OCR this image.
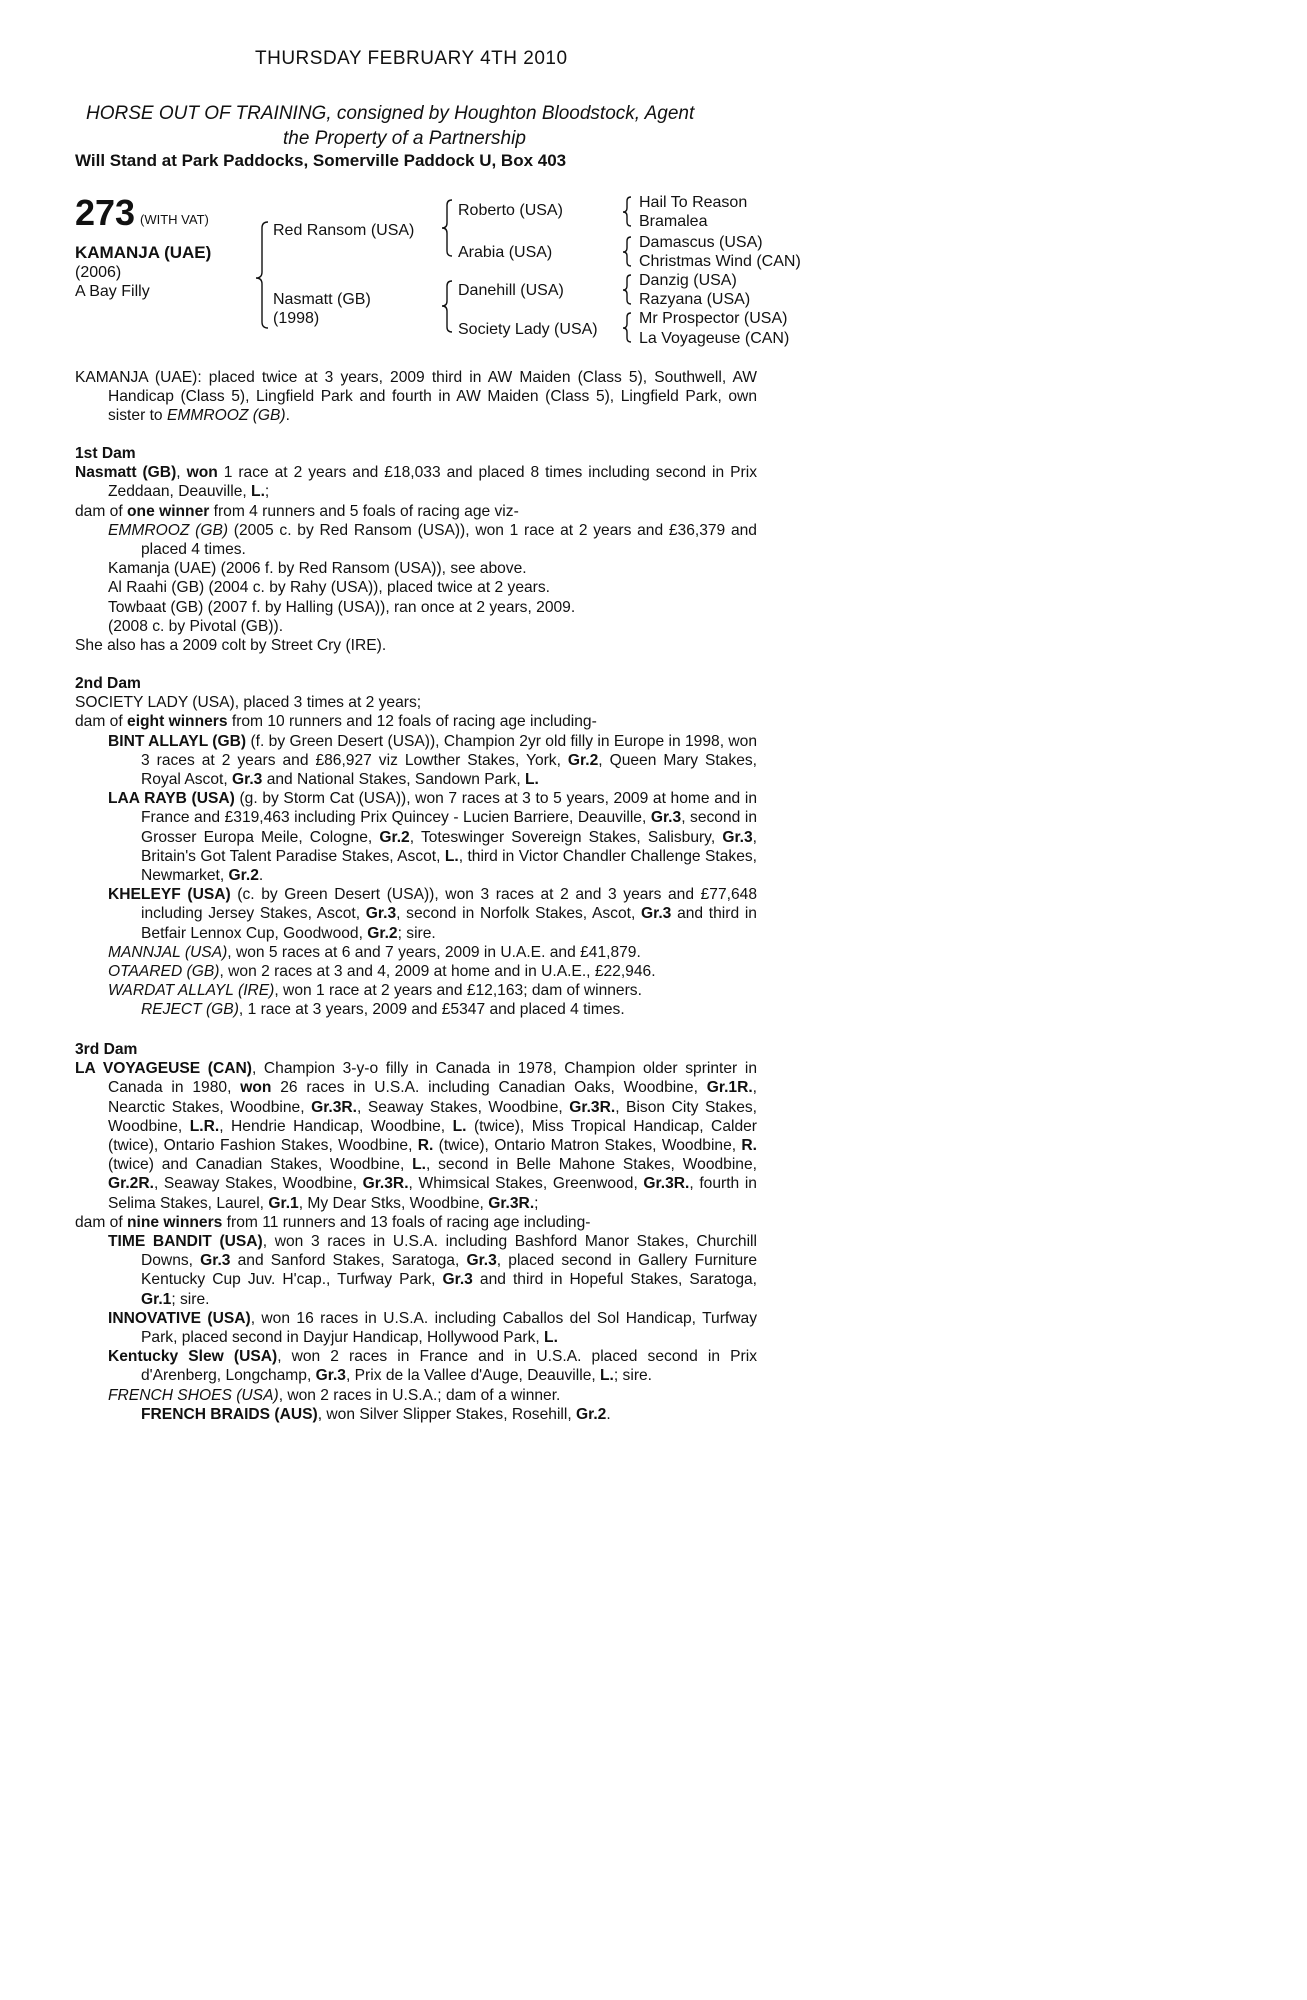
THURSDAY FEBRUARY 4TH 2010
HORSE OUT OF TRAINING, consigned by Houghton Bloodstock, Agent
the Property of a Partnership
Will Stand at Park Paddocks, Somerville Paddock U, Box 403
273 (WITH VAT)
KAMANJA (UAE)
(2006)
A Bay Filly
Red Ransom (USA)
Nasmatt (GB)
(1998)
Roberto (USA)
Arabia (USA)
Danehill (USA)
Society Lady (USA)
Hail To Reason
Bramalea
Damascus (USA)
Christmas Wind (CAN)
Danzig (USA)
Razyana (USA)
Mr Prospector (USA)
La Voyageuse (CAN)

KAMANJA (UAE): placed twice at 3 years, 2009 third in AW Maiden (Class 5), Southwell, AW Handicap (Class 5), Lingfield Park and fourth in AW Maiden (Class 5), Lingfield Park, own sister to EMMROOZ (GB).

1st Dam

Nasmatt (GB), won 1 race at 2 years and £18,033 and placed 8 times including second in Prix Zeddaan, Deauville, L.;

dam of one winner from 4 runners and 5 foals of racing age viz-

EMMROOZ (GB) (2005 c. by Red Ransom (USA)), won 1 race at 2 years and £36,379 and placed 4 times.

Kamanja (UAE) (2006 f. by Red Ransom (USA)), see above.

Al Raahi (GB) (2004 c. by Rahy (USA)), placed twice at 2 years.

Towbaat (GB) (2007 f. by Halling (USA)), ran once at 2 years, 2009.

(2008 c. by Pivotal (GB)).

She also has a 2009 colt by Street Cry (IRE).

2nd Dam

SOCIETY LADY (USA), placed 3 times at 2 years;

dam of eight winners from 10 runners and 12 foals of racing age including-

BINT ALLAYL (GB) (f. by Green Desert (USA)), Champion 2yr old filly in Europe in 1998, won 3 races at 2 years and £86,927 viz Lowther Stakes, York, Gr.2, Queen Mary Stakes, Royal Ascot, Gr.3 and National Stakes, Sandown Park, L.

LAA RAYB (USA) (g. by Storm Cat (USA)), won 7 races at 3 to 5 years, 2009 at home and in France and £319,463 including Prix Quincey - Lucien Barriere, Deauville, Gr.3, second in Grosser Europa Meile, Cologne, Gr.2, Toteswinger Sovereign Stakes, Salisbury, Gr.3, Britain's Got Talent Paradise Stakes, Ascot, L., third in Victor Chandler Challenge Stakes, Newmarket, Gr.2.

KHELEYF (USA) (c. by Green Desert (USA)), won 3 races at 2 and 3 years and £77,648 including Jersey Stakes, Ascot, Gr.3, second in Norfolk Stakes, Ascot, Gr.3 and third in Betfair Lennox Cup, Goodwood, Gr.2; sire.

MANNJAL (USA), won 5 races at 6 and 7 years, 2009 in U.A.E. and £41,879.

OTAARED (GB), won 2 races at 3 and 4, 2009 at home and in U.A.E., £22,946.

WARDAT ALLAYL (IRE), won 1 race at 2 years and £12,163; dam of winners.

REJECT (GB), 1 race at 3 years, 2009 and £5347 and placed 4 times.

3rd Dam

LA VOYAGEUSE (CAN), Champion 3-y-o filly in Canada in 1978, Champion older sprinter in Canada in 1980, won 26 races in U.S.A. including Canadian Oaks, Woodbine, Gr.1R., Nearctic Stakes, Woodbine, Gr.3R., Seaway Stakes, Woodbine, Gr.3R., Bison City Stakes, Woodbine, L.R., Hendrie Handicap, Woodbine, L. (twice), Miss Tropical Handicap, Calder (twice), Ontario Fashion Stakes, Woodbine, R. (twice), Ontario Matron Stakes, Woodbine, R. (twice) and Canadian Stakes, Woodbine, L., second in Belle Mahone Stakes, Woodbine, Gr.2R., Seaway Stakes, Woodbine, Gr.3R., Whimsical Stakes, Greenwood, Gr.3R., fourth in Selima Stakes, Laurel, Gr.1, My Dear Stks, Woodbine, Gr.3R.;

dam of nine winners from 11 runners and 13 foals of racing age including-

TIME BANDIT (USA), won 3 races in U.S.A. including Bashford Manor Stakes, Churchill Downs, Gr.3 and Sanford Stakes, Saratoga, Gr.3, placed second in Gallery Furniture Kentucky Cup Juv. H'cap., Turfway Park, Gr.3 and third in Hopeful Stakes, Saratoga, Gr.1; sire.

INNOVATIVE (USA), won 16 races in U.S.A. including Caballos del Sol Handicap, Turfway Park, placed second in Dayjur Handicap, Hollywood Park, L.

Kentucky Slew (USA), won 2 races in France and in U.S.A. placed second in Prix d'Arenberg, Longchamp, Gr.3, Prix de la Vallee d'Auge, Deauville, L.; sire.

FRENCH SHOES (USA), won 2 races in U.S.A.; dam of a winner.

FRENCH BRAIDS (AUS), won Silver Slipper Stakes, Rosehill, Gr.2.
